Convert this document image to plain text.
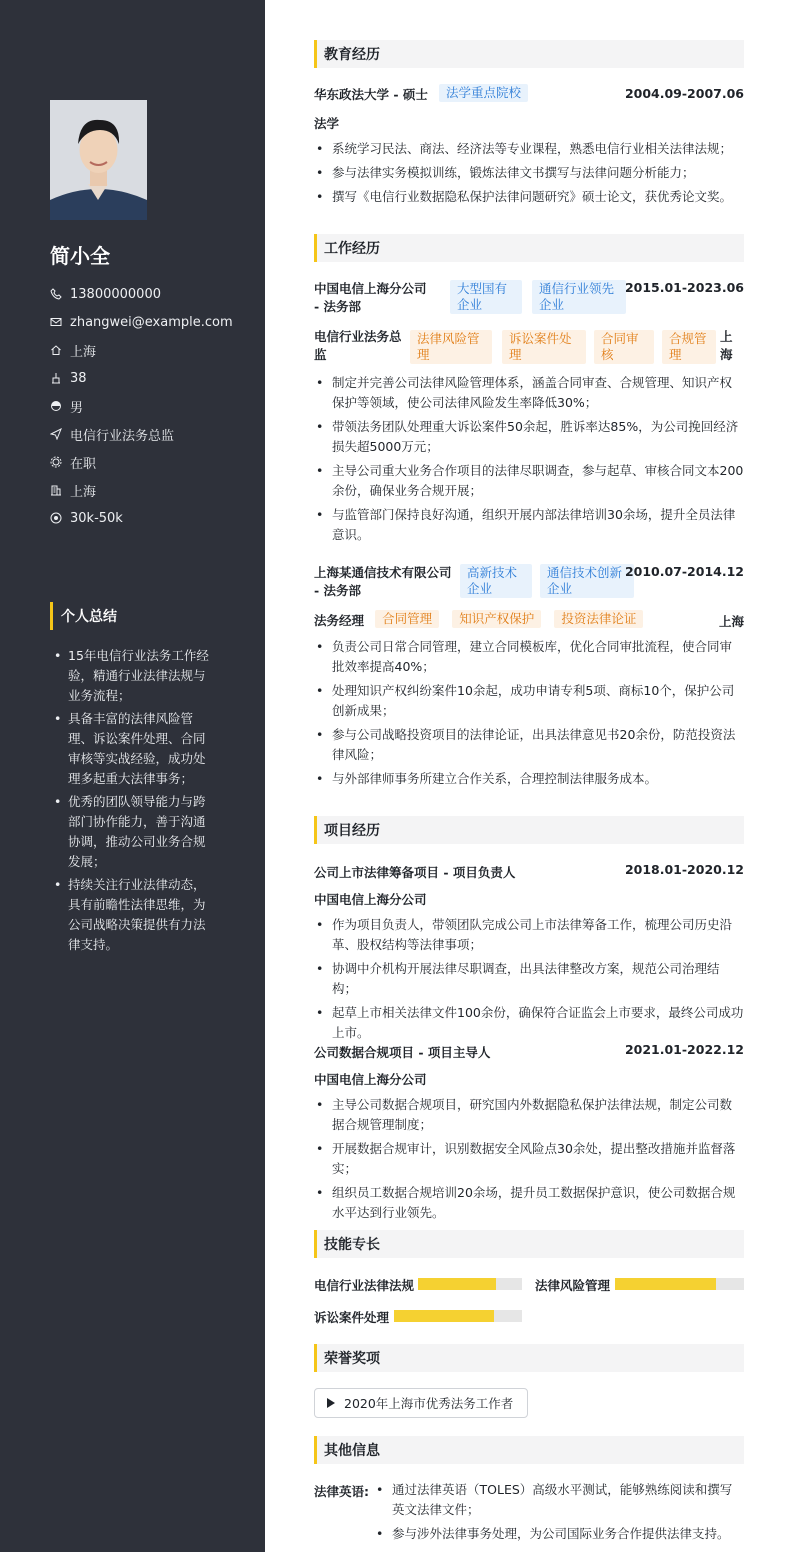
简小全
13800000000
zhangwei@example.com
上海
38
男
电信行业法务总监
在职
上海
30k-50k
个人总结
• 15年电信行业法务工作经验，精通行业法律法规与业务流程；
• 具备丰富的法律风险管理、诉讼案件处理、合同审核等实战经验，成功处理多起重大法律事务；
• 优秀的团队领导能力与跨部门协作能力，善于沟通协调，推动公司业务合规发展；
• 持续关注行业法律动态，具有前瞻性法律思维，为公司战略决策提供有力法律支持。
教育经历
华东政法大学 - 硕士 法学重点院校	2004.09-2007.06
法学
• 系统学习民法、商法、经济法等专业课程，熟悉电信行业相关法律法规；
• 参与法律实务模拟训练，锻炼法律文书撰写与法律问题分析能力；
• 撰写《电信行业数据隐私保护法律问题研究》硕士论文，获优秀论文奖。
工作经历
中国电信上海分公司 - 法务部
大型国有企业
通信行业领先企业
2015.01-2023.06
电信行业法务总监
法律风险管理
诉讼案件处理
合同审核
合规管理
上海
• 制定并完善公司法律风险管理体系，涵盖合同审查、合规管理、知识产权保护等领域，使公司法律风险发生率降低30%；
• 带领法务团队处理重大诉讼案件50余起，胜诉率达85%，为公司挽回经济损失超5000万元；
• 主导公司重大业务合作项目的法律尽职调查，参与起草、审核合同文本200余份，确保业务合规开展；
• 与监管部门保持良好沟通，组织开展内部法律培训30余场，提升全员法律意识。
上海某通信技术有限公司 - 法务部
高新技术企业
通信技术创新企业
2010.07-2014.12
法务经理 合同管理 知识产权保护 投资法律论证	上海
• 负责公司日常合同管理，建立合同模板库，优化合同审批流程，使合同审批效率提高40%；
• 处理知识产权纠纷案件10余起，成功申请专利5项、商标10个，保护公司创新成果；
• 参与公司战略投资项目的法律论证，出具法律意见书20余份，防范投资法律风险；
• 与外部律师事务所建立合作关系，合理控制法律服务成本。
项目经历
公司上市法律筹备项目 - 项目负责人	2018.01-2020.12
中国电信上海分公司
• 作为项目负责人，带领团队完成公司上市法律筹备工作，梳理公司历史沿革、股权结构等法律事项；
• 协调中介机构开展法律尽职调查，出具法律整改方案，规范公司治理结构；
• 起草上市相关法律文件100余份，确保符合证监会上市要求，最终公司成功上市。
公司数据合规项目 - 项目主导人	2021.01-2022.12
中国电信上海分公司
• 主导公司数据合规项目，研究国内外数据隐私保护法律法规，制定公司数据合规管理制度；
• 开展数据合规审计，识别数据安全风险点30余处，提出整改措施并监督落实；
• 组织员工数据合规培训20余场，提升员工数据保护意识，使公司数据合规水平达到行业领先。
技能专长
电信行业法律法规	法律风险管理
诉讼案件处理
荣誉奖项
2020年上海市优秀法务工作者
其他信息
法律英语:
•	通过法律英语（TOLES）高级水平测试，能够熟练阅读和撰写英文法律文件；
• 参与涉外法律事务处理，为公司国际业务合作提供法律支持。
